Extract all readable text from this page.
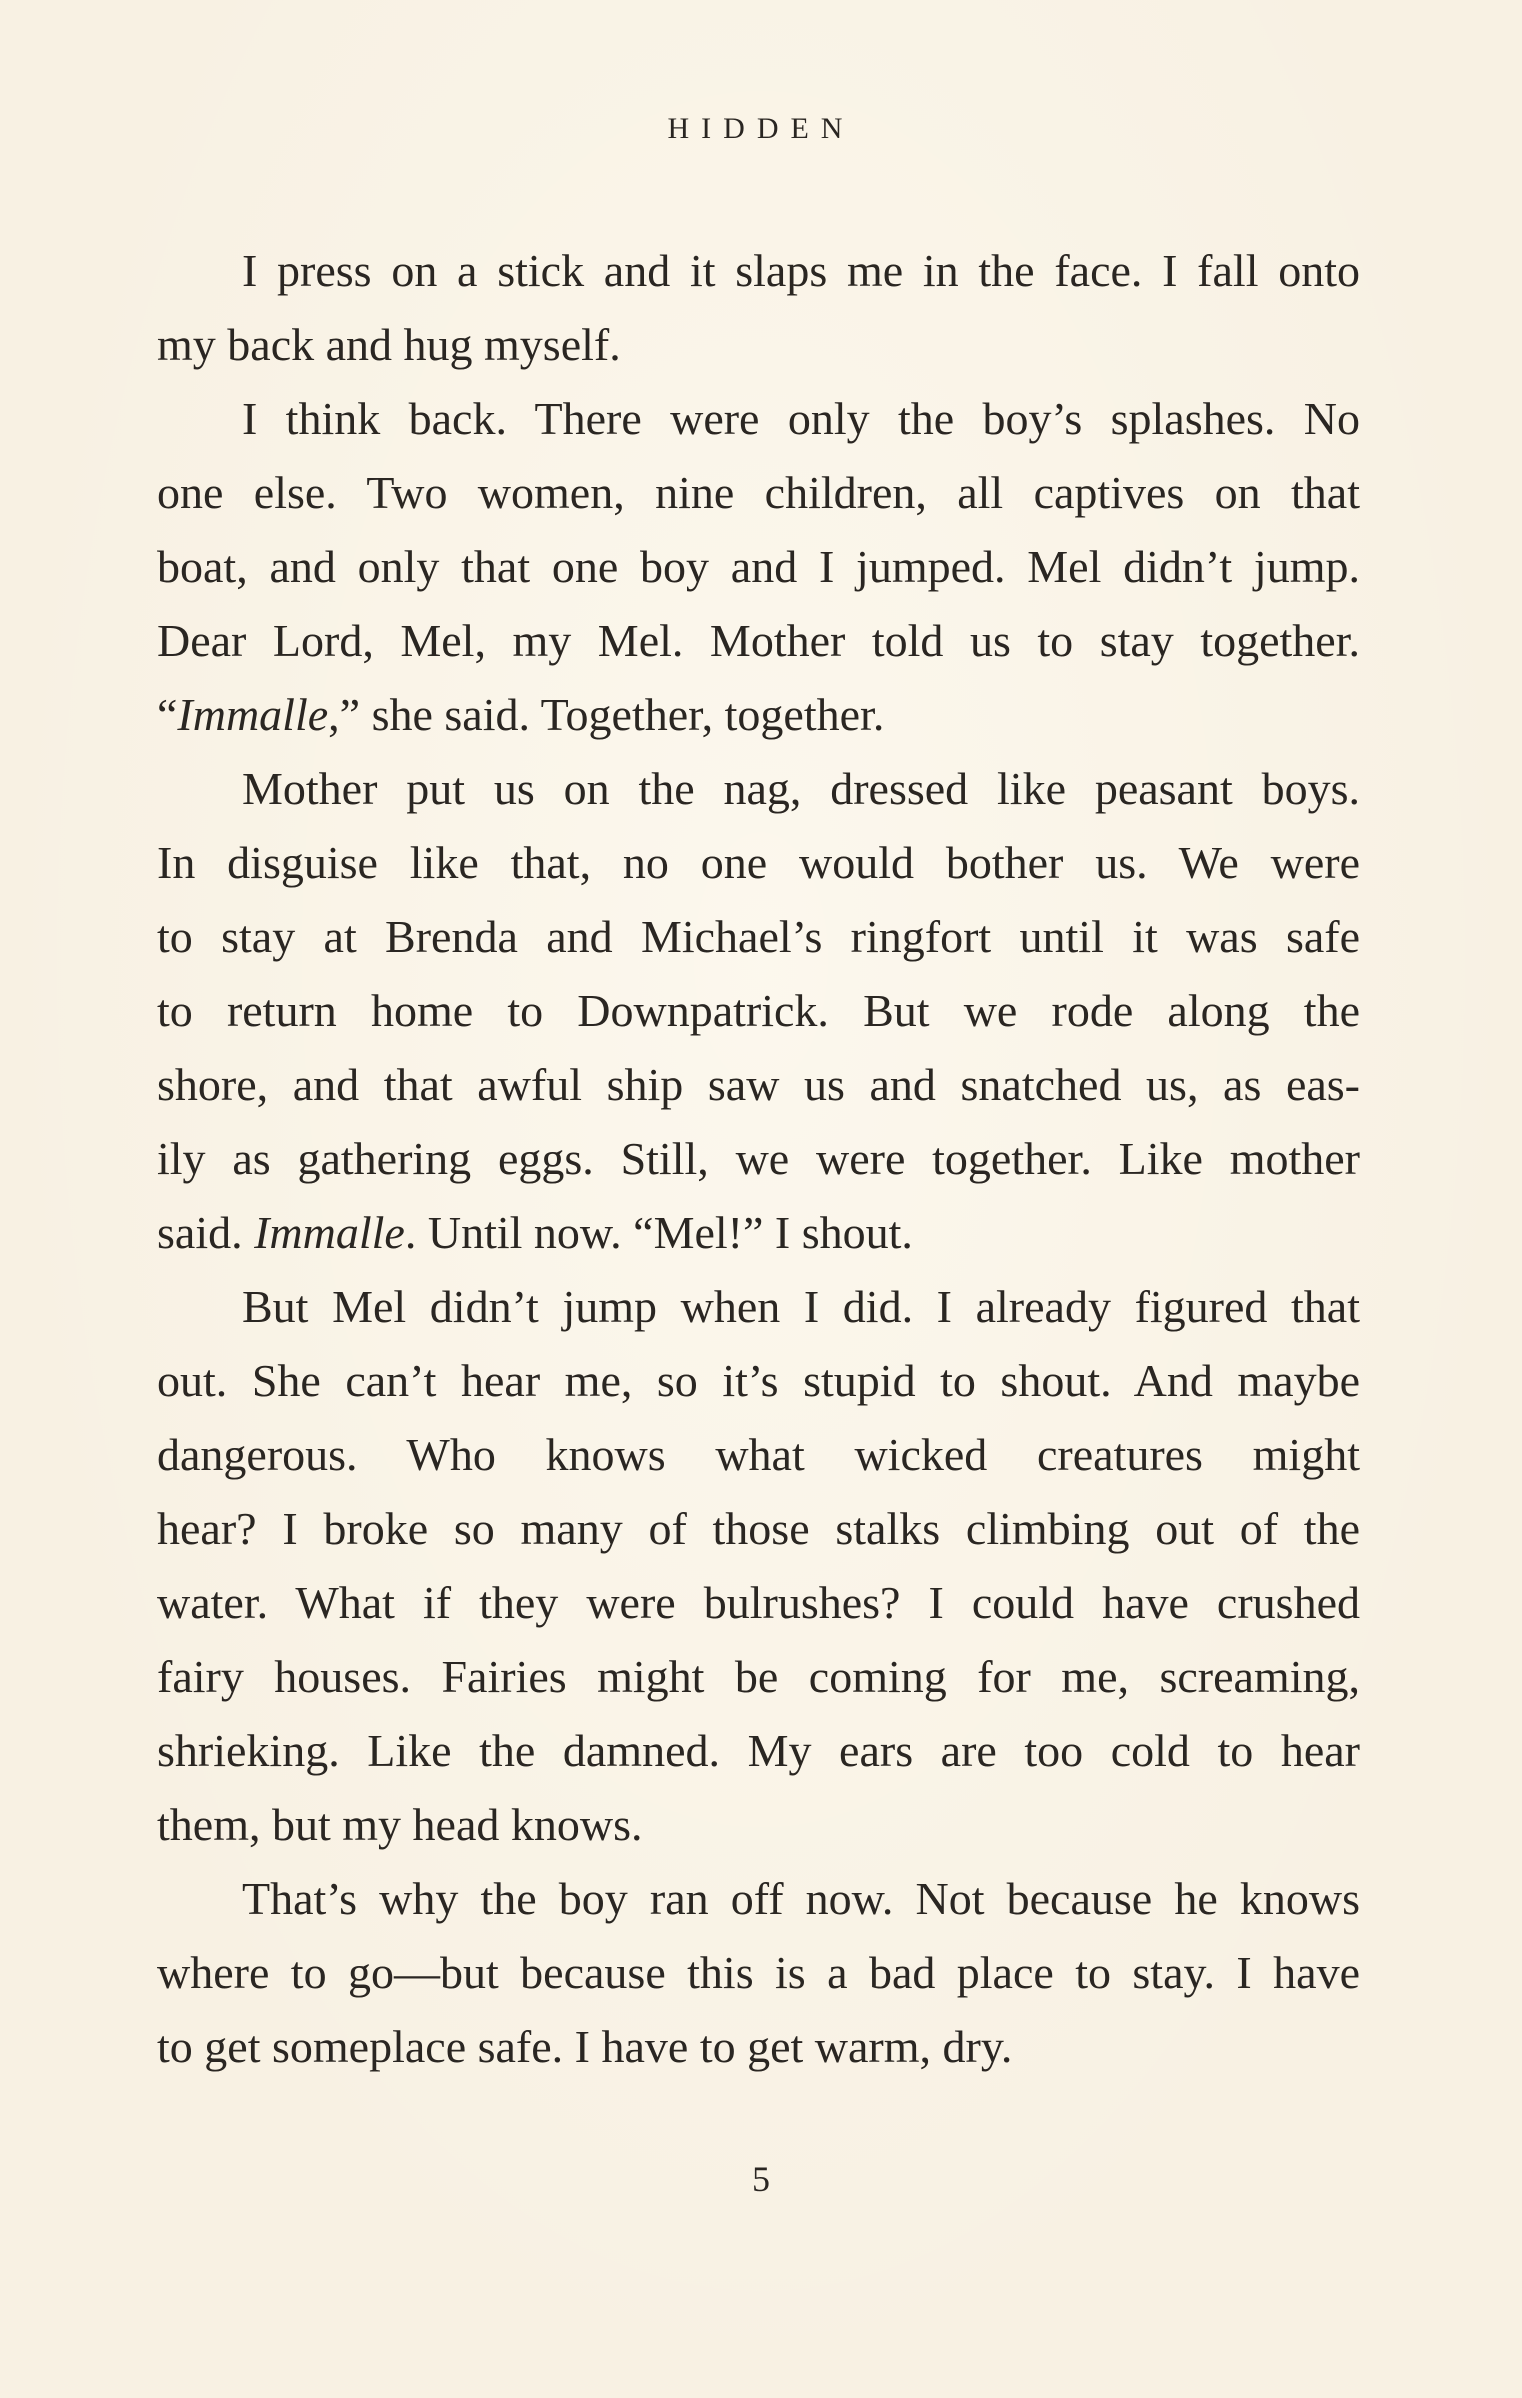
HIDDEN
I press on a stick and it slaps me in the face. I fall onto
my back and hug myself.
I think back. There were only the boy’s splashes. No
one else. Two women, nine children, all captives on that
boat, and only that one boy and I jumped. Mel didn’t jump.
Dear Lord, Mel, my Mel. Mother told us to stay together.
“Immalle,” she said. Together, together.
Mother put us on the nag, dressed like peasant boys.
In disguise like that, no one would bother us. We were
to stay at Brenda and Michael’s ringfort until it was safe
to return home to Downpatrick. But we rode along the
shore, and that awful ship saw us and snatched us, as eas-
ily as gathering eggs. Still, we were together. Like mother
said. Immalle. Until now. “Mel!” I shout.
But Mel didn’t jump when I did. I already figured that
out. She can’t hear me, so it’s stupid to shout. And maybe
dangerous. Who knows what wicked creatures might
hear? I broke so many of those stalks climbing out of the
water. What if they were bulrushes? I could have crushed
fairy houses. Fairies might be coming for me, screaming,
shrieking. Like the damned. My ears are too cold to hear
them, but my head knows.
That’s why the boy ran off now. Not because he knows
where to go—but because this is a bad place to stay. I have
to get someplace safe. I have to get warm, dry.
5
